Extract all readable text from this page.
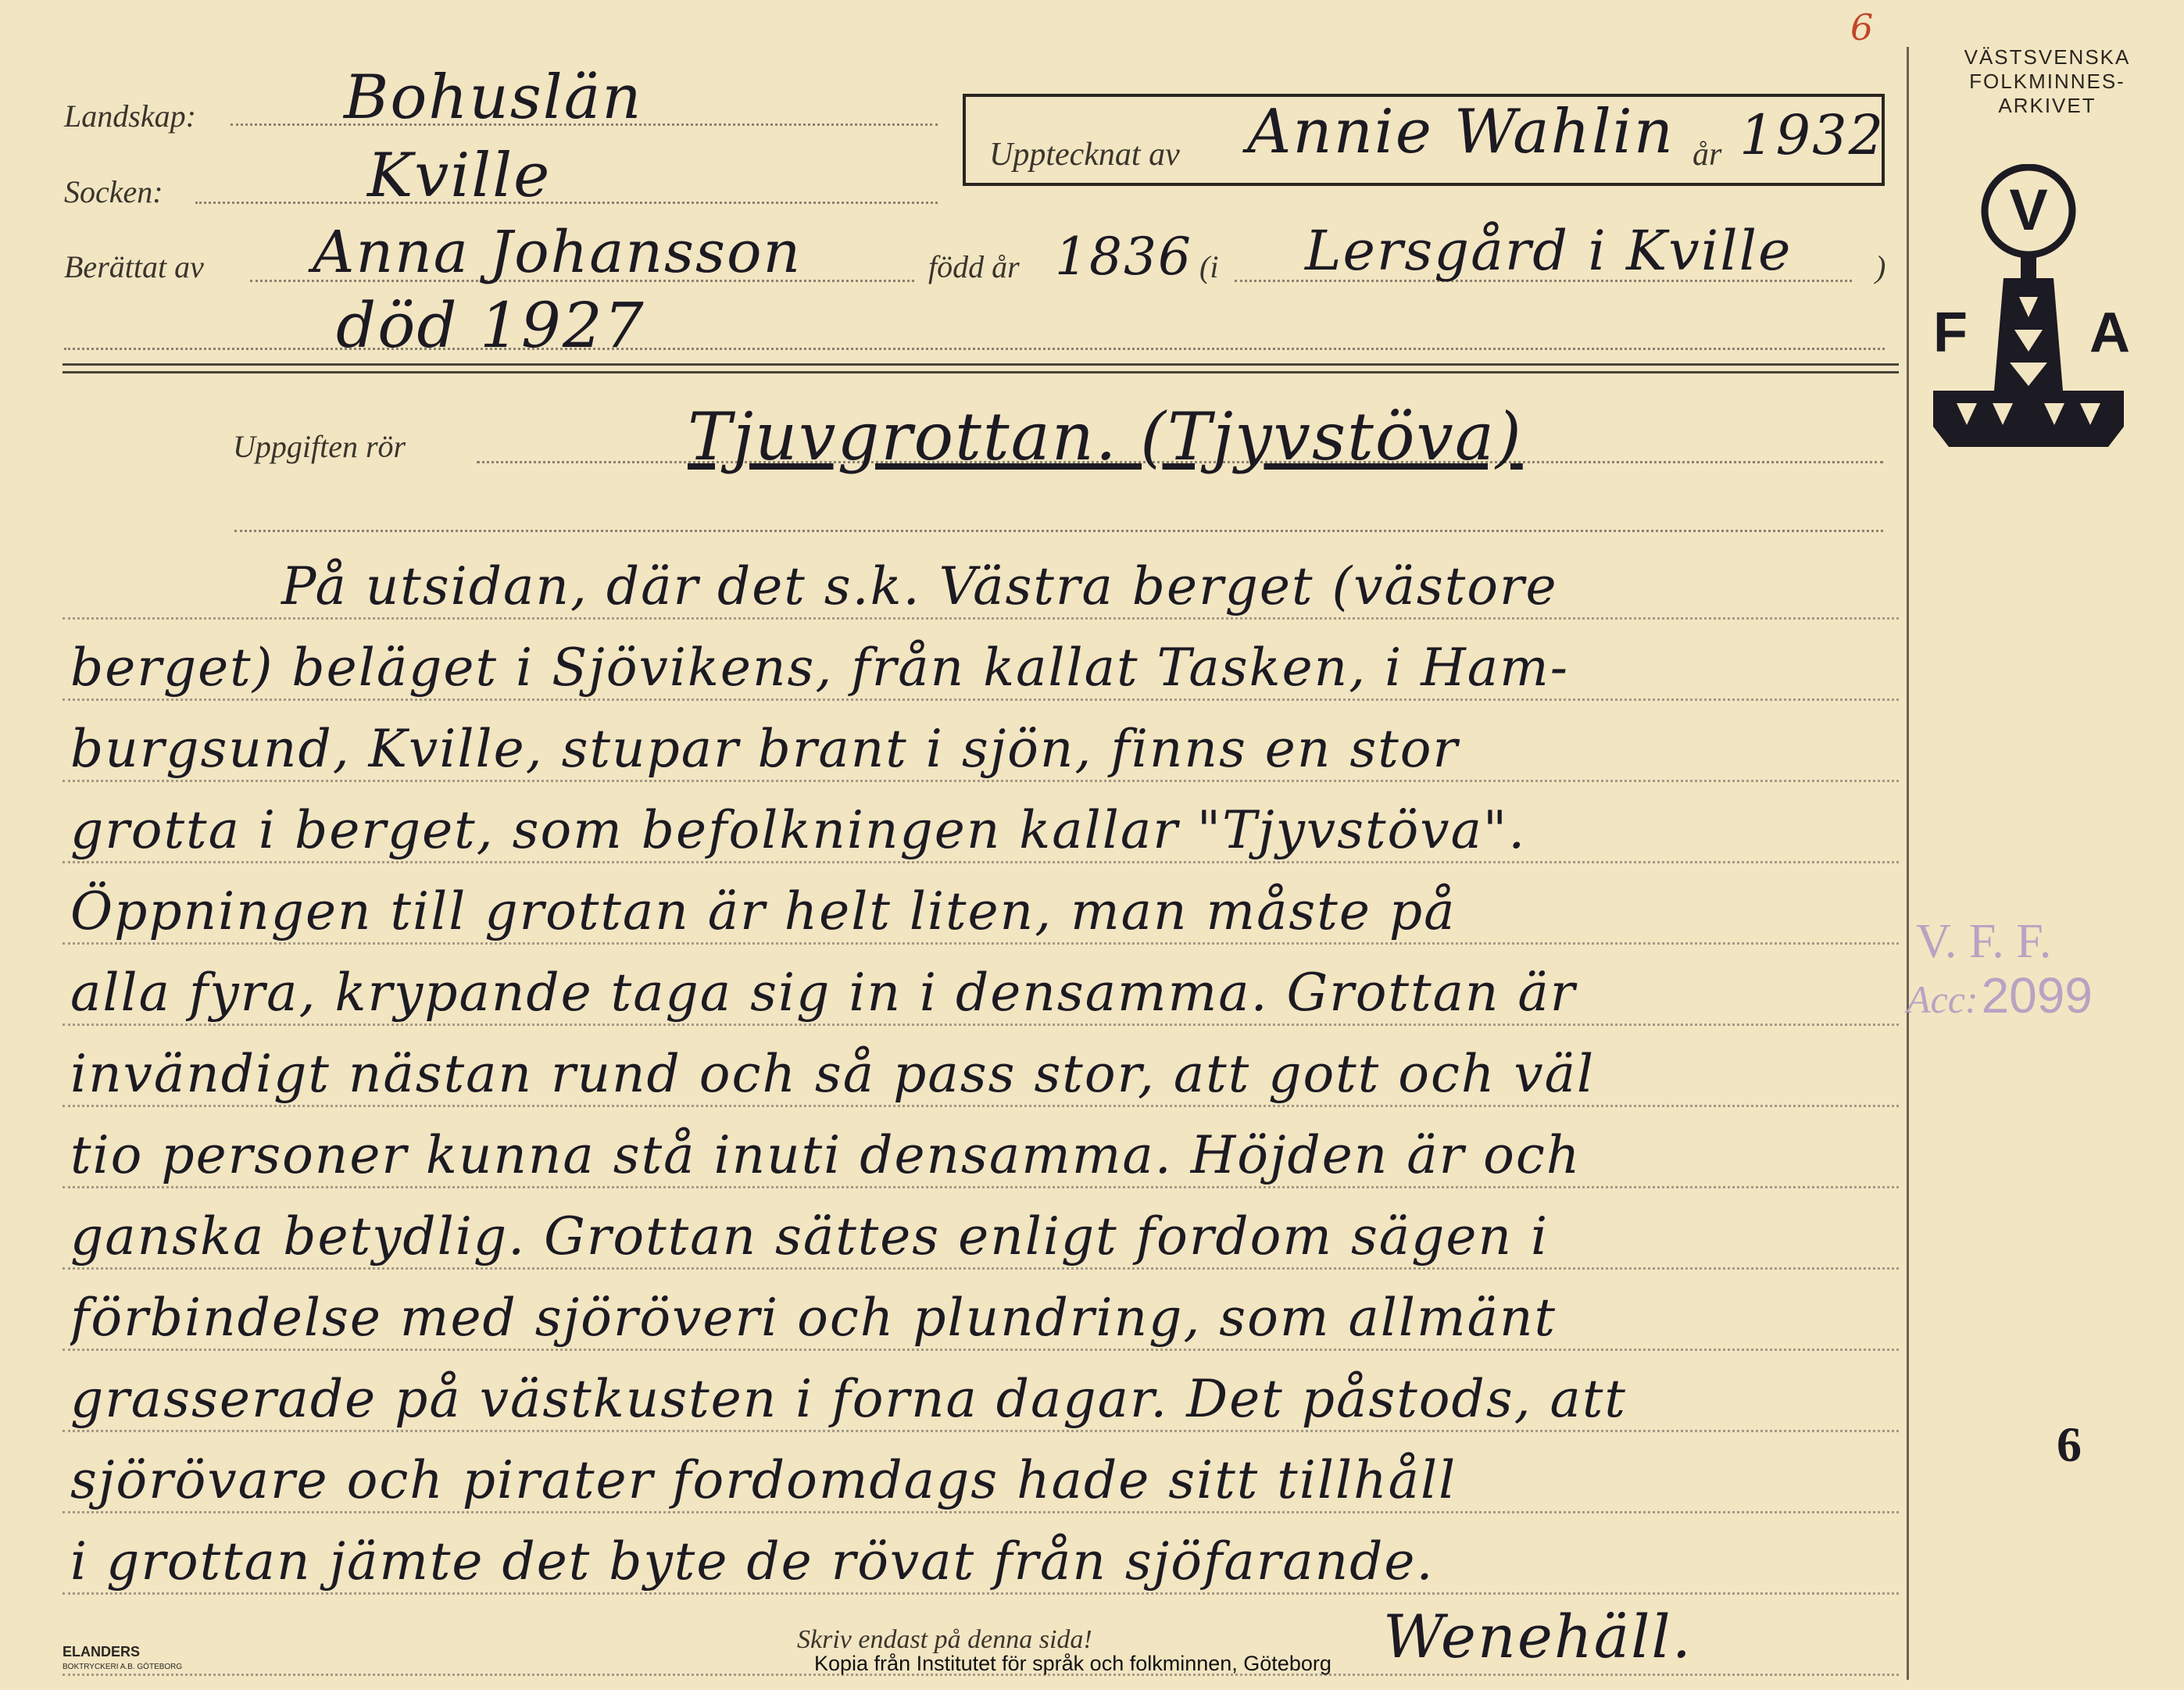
6
Landskap: Bohuslän
Socken:	Kville	Upptecknat av Annie Wahlin år 1932
Berättat av Anna Johansson	född år 1836 (i Lersgård i Kville	)
död 1927
Uppgiften rör	Tjuvgrottan. (Tjyvstöva)
På utsidan, där det s.k. Västra berget (västore
berget) beläget i Sjövikens, från kallat Tasken, i Ham-
burgsund, Kville, stupar brant i sjön, finns en stor
grotta i berget, som befolkningen kallar "Tjyvstöva".
Öppningen till grottan är helt liten, man måste på
alla fyra, krypande taga sig in i densamma. Grottan är
invändigt nästan rund och så pass stor, att gott och väl
tio personer kunna stå inuti densamma. Höjden är och
ganska betydlig. Grottan sättes enligt fordom sägen i
förbindelse med sjöröveri och plundring, som allmänt
grasserade på västkusten i forna dagar. Det påstods, att
sjörövare och pirater fordomdags hade sitt tillhåll
i grottan jämte det byte de rövat från sjöfarande.
Wenehäll.
Skriv endast på denna sida!
ELANDERS
BOKTRYCKERI A.B. GÖTEBORG	Kopia från Institutet för språk och folkminnen, Göteborg
VÄSTSVENSKA
FOLKMINNES-
ARKIVET
V
F A
V. F. F.
Acc: 2099
6
